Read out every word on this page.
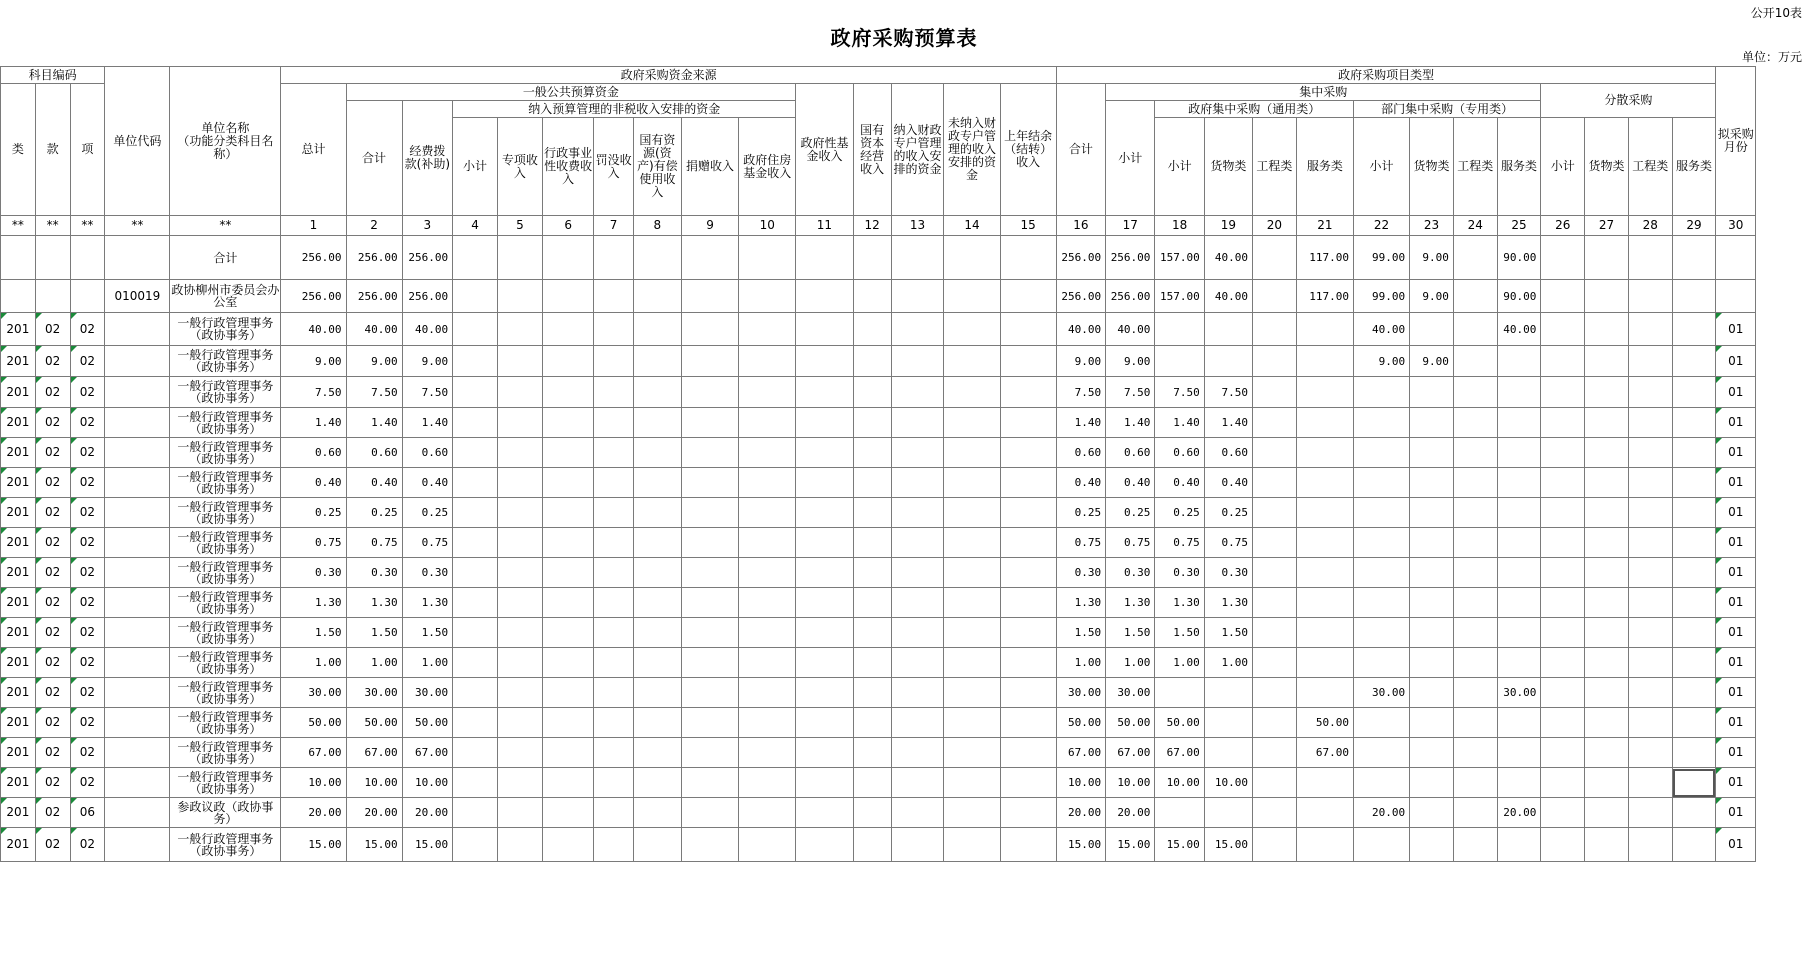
公开10表
政府采购预算表
单位：万元
科目编码			单位代码	单位名称
（功能分类科目名称）	政府采购资金来源															政府采购项目类型														拟采购月份
类	款	项			总计	一般公共预算资金									政府性基金收入	国有资本经营收入	纳入财政专户管理的收入安排的资金	未纳入财政专户管理的收入安排的资金	上年结余（结转）收入	合计	集中采购									分散采购				
						合计	经费拨款(补助)	纳入预算管理的非税收入安排的资金													小计	政府集中采购（通用类）				部门集中采购（专用类）								
								小计	专项收入	行政事业性收费收入	罚没收入	国有资源(资产)有偿使用收入	捐赠收入	政府住房基金收入								小计	货物类	工程类	服务类	小计	货物类	工程类	服务类	小计	货物类	工程类	服务类	
**	**	**	**	**	1	2	3	4	5	6	7	8	9	10	11	12	13	14	15	16	17	18	19	20	21	22	23	24	25	26	27	28	29	30
				合计	256.00	256.00	256.00													256.00	256.00	157.00	40.00		117.00	99.00	9.00		90.00					
			010019	政协柳州市委员会办公室	256.00	256.00	256.00													256.00	256.00	157.00	40.00		117.00	99.00	9.00		90.00					
201	02	02		一般行政管理事务（政协事务）	40.00	40.00	40.00													40.00	40.00					40.00			40.00					01
201	02	02		一般行政管理事务（政协事务）	9.00	9.00	9.00													9.00	9.00					9.00	9.00							01
201	02	02		一般行政管理事务（政协事务）	7.50	7.50	7.50													7.50	7.50	7.50	7.50											01
201	02	02		一般行政管理事务（政协事务）	1.40	1.40	1.40													1.40	1.40	1.40	1.40											01
201	02	02		一般行政管理事务（政协事务）	0.60	0.60	0.60													0.60	0.60	0.60	0.60											01
201	02	02		一般行政管理事务（政协事务）	0.40	0.40	0.40													0.40	0.40	0.40	0.40											01
201	02	02		一般行政管理事务（政协事务）	0.25	0.25	0.25													0.25	0.25	0.25	0.25											01
201	02	02		一般行政管理事务（政协事务）	0.75	0.75	0.75													0.75	0.75	0.75	0.75											01
201	02	02		一般行政管理事务（政协事务）	0.30	0.30	0.30													0.30	0.30	0.30	0.30											01
201	02	02		一般行政管理事务（政协事务）	1.30	1.30	1.30													1.30	1.30	1.30	1.30											01
201	02	02		一般行政管理事务（政协事务）	1.50	1.50	1.50													1.50	1.50	1.50	1.50											01
201	02	02		一般行政管理事务（政协事务）	1.00	1.00	1.00													1.00	1.00	1.00	1.00											01
201	02	02		一般行政管理事务（政协事务）	30.00	30.00	30.00													30.00	30.00					30.00			30.00					01
201	02	02		一般行政管理事务（政协事务）	50.00	50.00	50.00													50.00	50.00	50.00			50.00									01
201	02	02		一般行政管理事务（政协事务）	67.00	67.00	67.00													67.00	67.00	67.00			67.00									01
201	02	02		一般行政管理事务（政协事务）	10.00	10.00	10.00													10.00	10.00	10.00	10.00											01
201	02	06		参政议政（政协事务）	20.00	20.00	20.00													20.00	20.00					20.00			20.00					01
201	02	02		一般行政管理事务（政协事务）	15.00	15.00	15.00													15.00	15.00	15.00	15.00											01
